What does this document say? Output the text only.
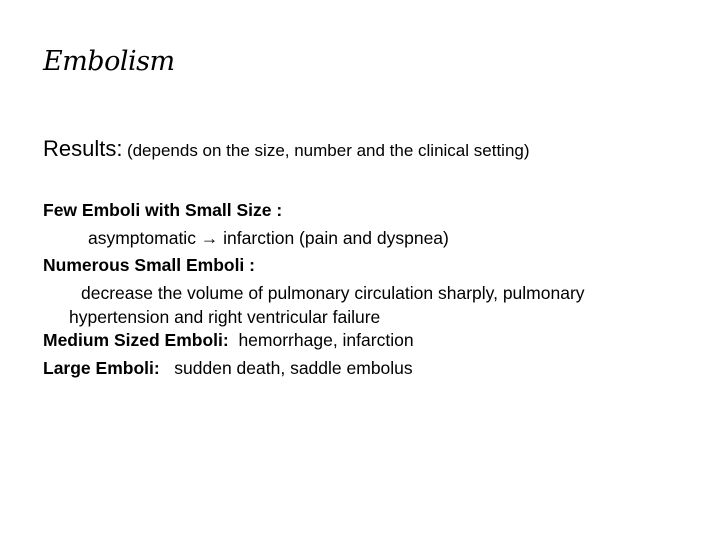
Embolism
Results: (depends on the size, number and the clinical setting)

Few Emboli with Small Size :

asymptomatic → infarction (pain and dyspnea)

Numerous Small Emboli :

decrease the volume of pulmonary circulation sharply, pulmonary

hypertension and right ventricular failure

Medium Sized Emboli: hemorrhage, infarction

Large Emboli: sudden death, saddle embolus
